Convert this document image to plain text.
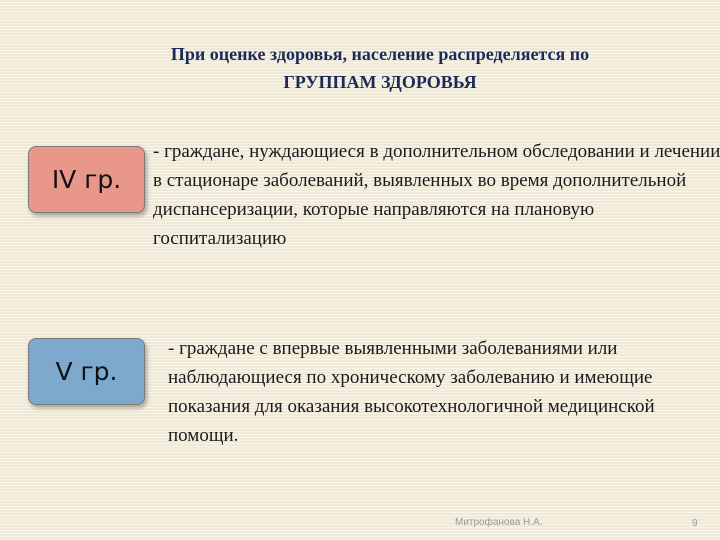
При оценке здоровья, население распределяется по
ГРУППАМ ЗДОРОВЬЯ
IV гр.
- граждане, нуждающиеся в дополнительном обследовании и лечении в стационаре заболеваний, выявленных во время дополнительной диспансеризации, которые направляются на плановую госпитализацию
V гр.
- граждане с впервые выявленными заболеваниями или наблюдающиеся по хроническому заболеванию и имеющие показания для оказания высокотехнологичной медицинской помощи.
Митрофанова Н.А.	9
